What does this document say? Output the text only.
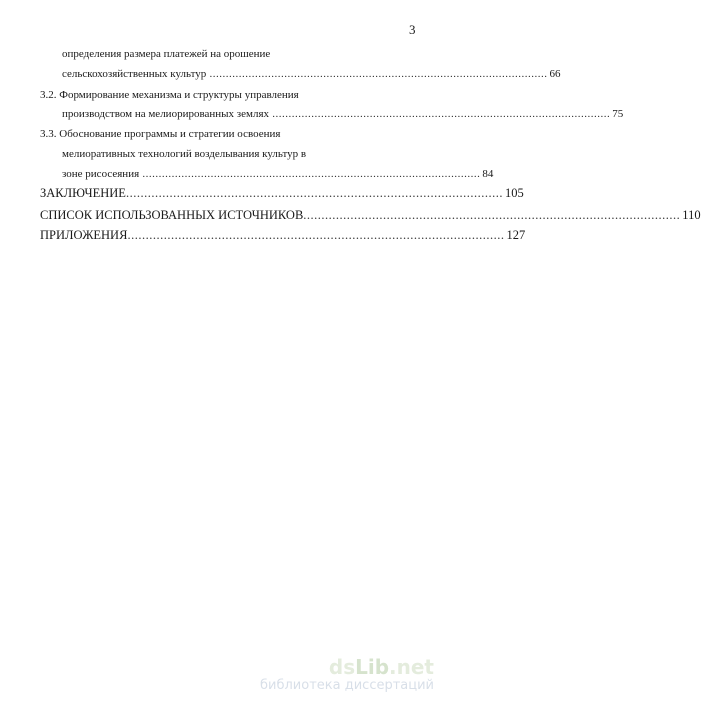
3
определения размера платежей на орошение
сельскохозяйственных культур ........................................................................................................ 66
3.2. Формирование механизма и структуры управления
производством на мелиорированных землях ........................................................................................................ 75
3.3. Обоснование программы и стратегии освоения
мелиоративных технологий возделывания культур в
зоне рисосеяния ........................................................................................................ 84
ЗАКЛЮЧЕНИЕ ........................................................................................................ 105
СПИСОК ИСПОЛЬЗОВАННЫХ ИСТОЧНИКОВ ........................................................................................................ 110
ПРИЛОЖЕНИЯ ........................................................................................................ 127
dsLib.net
библиотека диссертаций
